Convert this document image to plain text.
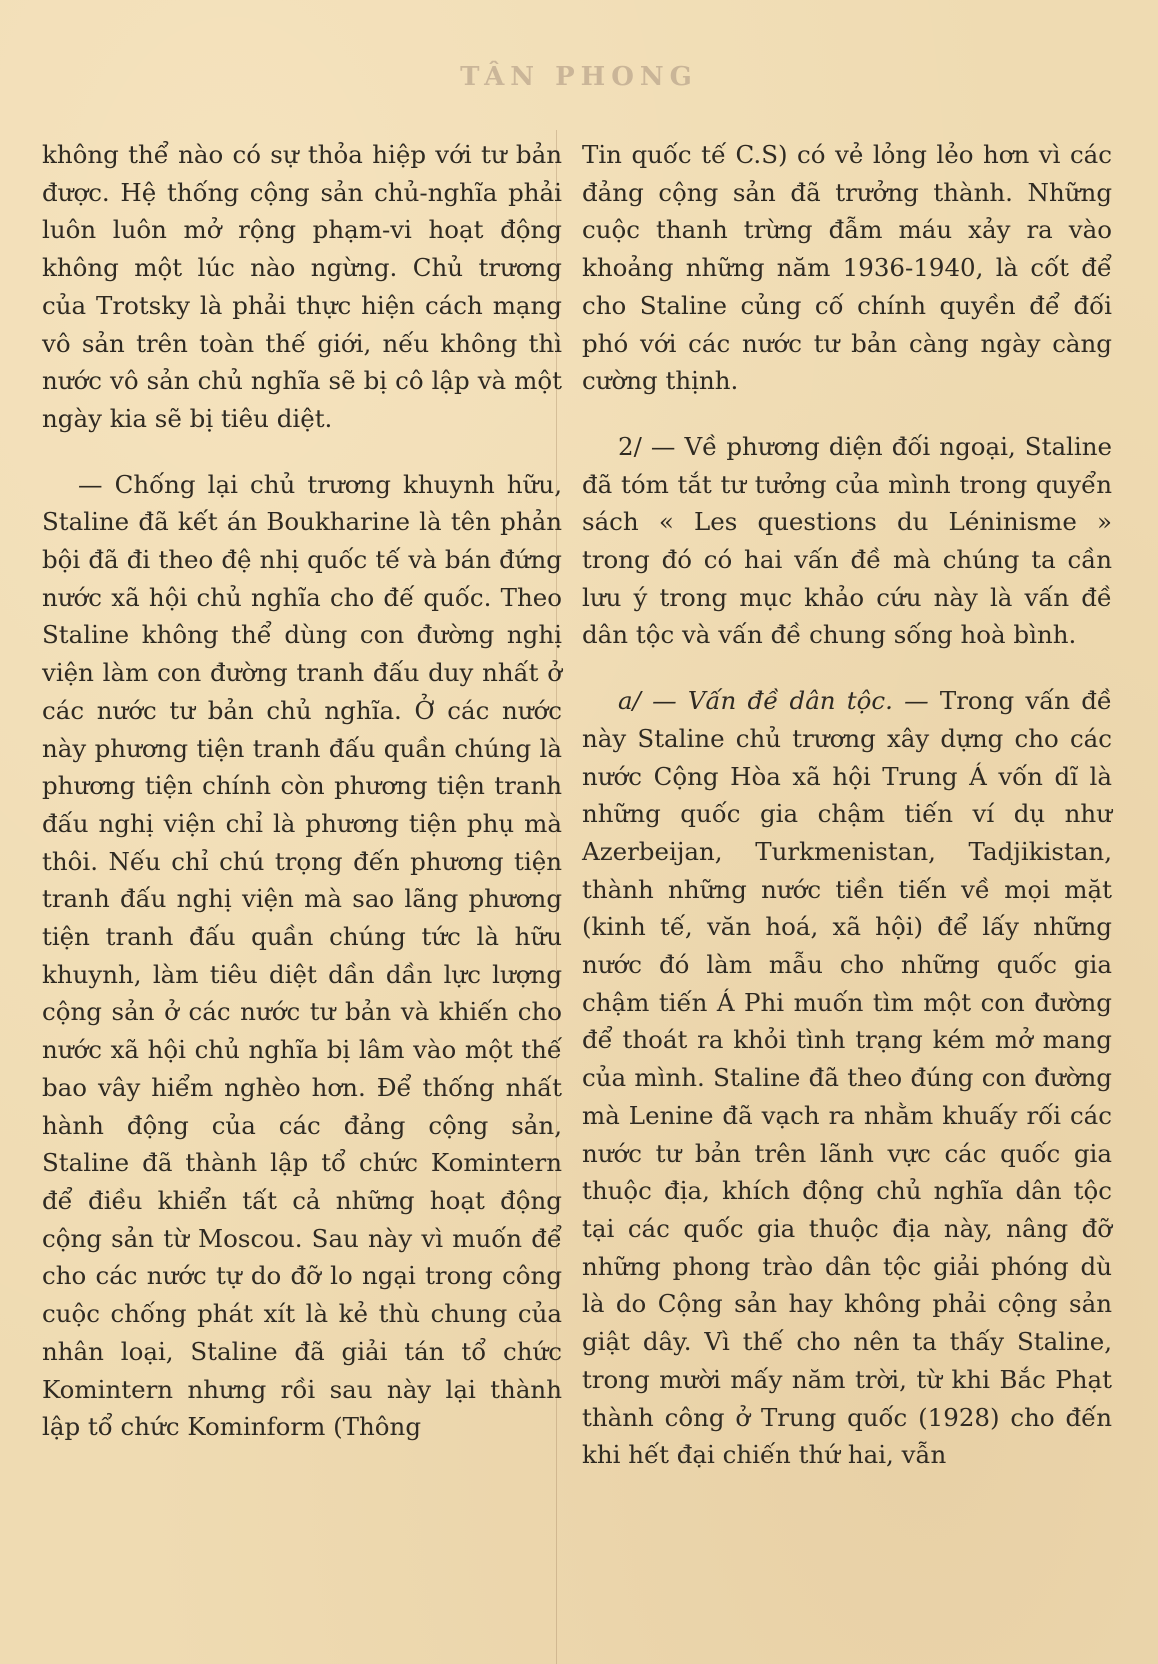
TÂN PHONG

không thể nào có sự thỏa hiệp với tư bản được. Hệ thống cộng sản chủ-nghĩa phải luôn luôn mở rộng phạm-vi hoạt động không một lúc nào ngừng. Chủ trương của Trotsky là phải thực hiện cách mạng vô sản trên toàn thế giới, nếu không thì nước vô sản chủ nghĩa sẽ bị cô lập và một ngày kia sẽ bị tiêu diệt.

— Chống lại chủ trương khuynh hữu, Staline đã kết án Boukharine là tên phản bội đã đi theo đệ nhị quốc tế và bán đứng nước xã hội chủ nghĩa cho đế quốc. Theo Staline không thể dùng con đường nghị viện làm con đường tranh đấu duy nhất ở các nước tư bản chủ nghĩa. Ở các nước này phương tiện tranh đấu quần chúng là phương tiện chính còn phương tiện tranh đấu nghị viện chỉ là phương tiện phụ mà thôi. Nếu chỉ chú trọng đến phương tiện tranh đấu nghị viện mà sao lãng phương tiện tranh đấu quần chúng tức là hữu khuynh, làm tiêu diệt dần dần lực lượng cộng sản ở các nước tư bản và khiến cho nước xã hội chủ nghĩa bị lâm vào một thế bao vây hiểm nghèo hơn. Để thống nhất hành động của các đảng cộng sản, Staline đã thành lập tổ chức Komintern để điều khiển tất cả những hoạt động cộng sản từ Moscou. Sau này vì muốn để cho các nước tự do đỡ lo ngại trong công cuộc chống phát xít là kẻ thù chung của nhân loại, Staline đã giải tán tổ chức Komintern nhưng rồi sau này lại thành lập tổ chức Kominform (Thông

Tin quốc tế C.S) có vẻ lỏng lẻo hơn vì các đảng cộng sản đã trưởng thành. Những cuộc thanh trừng đẫm máu xảy ra vào khoảng những năm 1936-1940, là cốt để cho Staline củng cố chính quyền để đối phó với các nước tư bản càng ngày càng cường thịnh.

2/ — Về phương diện đối ngoại, Staline đã tóm tắt tư tưởng của mình trong quyển sách « Les questions du Léninisme » trong đó có hai vấn đề mà chúng ta cần lưu ý trong mục khảo cứu này là vấn đề dân tộc và vấn đề chung sống hoà bình.

a/ — Vấn đề dân tộc. — Trong vấn đề này Staline chủ trương xây dựng cho các nước Cộng Hòa xã hội Trung Á vốn dĩ là những quốc gia chậm tiến ví dụ như Azerbeijan, Turkmenistan, Tadjikistan, thành những nước tiền tiến về mọi mặt (kinh tế, văn hoá, xã hội) để lấy những nước đó làm mẫu cho những quốc gia chậm tiến Á Phi muốn tìm một con đường để thoát ra khỏi tình trạng kém mở mang của mình. Staline đã theo đúng con đường mà Lenine đã vạch ra nhằm khuấy rối các nước tư bản trên lãnh vực các quốc gia thuộc địa, khích động chủ nghĩa dân tộc tại các quốc gia thuộc địa này, nâng đỡ những phong trào dân tộc giải phóng dù là do Cộng sản hay không phải cộng sản giật dây. Vì thế cho nên ta thấy Staline, trong mười mấy năm trời, từ khi Bắc Phạt thành công ở Trung quốc (1928) cho đến khi hết đại chiến thứ hai, vẫn
